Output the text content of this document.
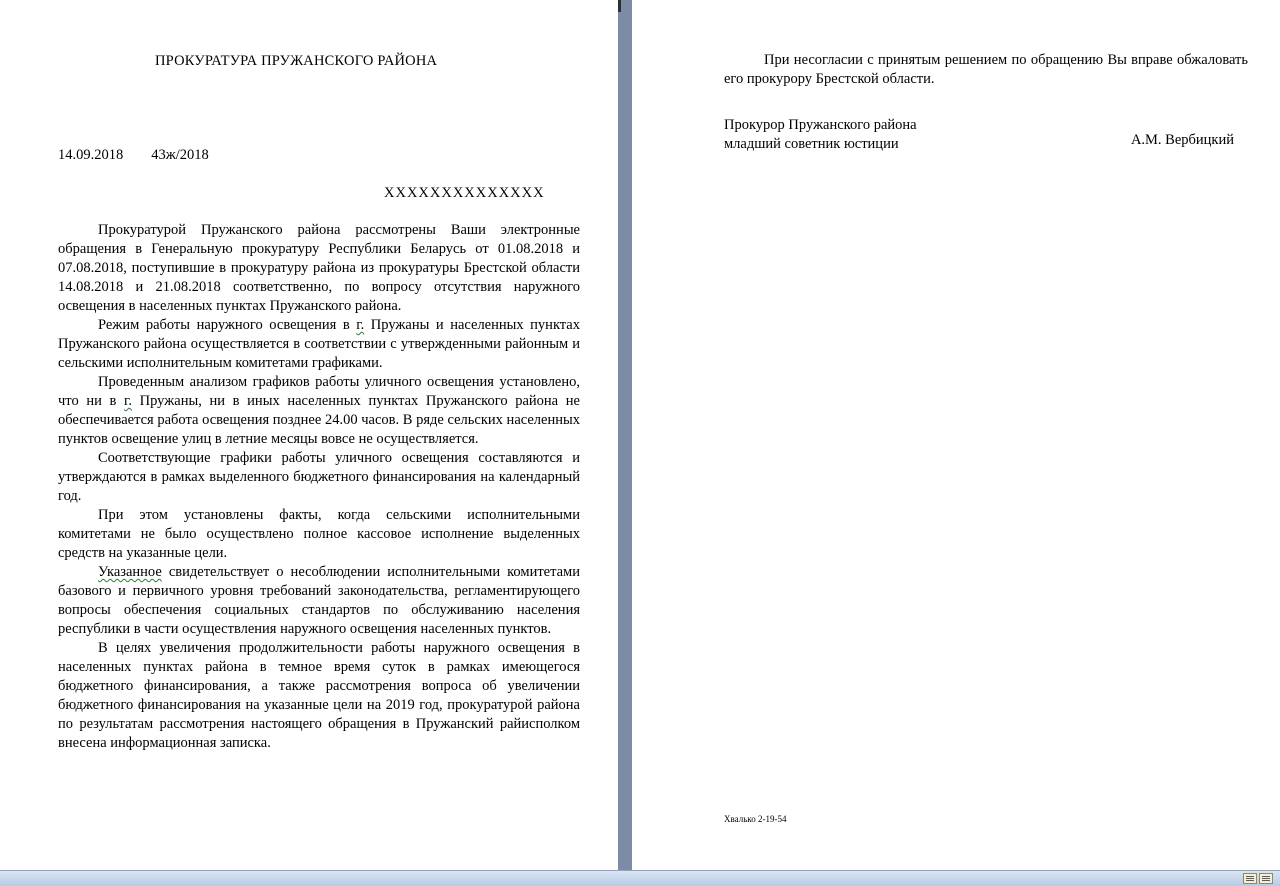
ПРОКУРАТУРА ПРУЖАНСКОГО РАЙОНА
14.09.2018 43ж/2018
ХХХХХХХХХХХХХХ

Прокуратурой Пружанского района рассмотрены Ваши электронные обращения в Генеральную прокуратуру Республики Беларусь от 01.08.2018 и 07.08.2018, поступившие в прокуратуру района из прокуратуры Брестской области 14.08.2018 и 21.08.2018 соответственно, по вопросу отсутствия наружного освещения в населенных пунктах Пружанского района.

Режим работы наружного освещения в г. Пружаны и населенных пунктах Пружанского района осуществляется в соответствии с утвержденными районным и сельскими исполнительным комитетами графиками.

Проведенным анализом графиков работы уличного освещения установлено, что ни в г. Пружаны, ни в иных населенных пунктах Пружанского района не обеспечивается работа освещения позднее 24.00 часов. В ряде сельских населенных пунктов освещение улиц в летние месяцы вовсе не осуществляется.

Соответствующие графики работы уличного освещения составляются и утверждаются в рамках выделенного бюджетного финансирования на календарный год.

При этом установлены факты, когда сельскими исполнительными комитетами не было осуществлено полное кассовое исполнение выделенных средств на указанные цели.

Указанное свидетельствует о несоблюдении исполнительными комитетами базового и первичного уровня требований законодательства, регламентирующего вопросы обеспечения социальных стандартов по обслуживанию населения республики в части осуществления наружного освещения населенных пунктов.

В целях увеличения продолжительности работы наружного освещения в населенных пунктах района в темное время суток в рамках имеющегося бюджетного финансирования, а также рассмотрения вопроса об увеличении бюджетного финансирования на указанные цели на 2019 год, прокуратурой района по результатам рассмотрения настоящего обращения в Пружанский райисполком внесена информационная записка.

При несогласии с принятым решением по обращению Вы вправе обжаловать его прокурору Брестской области.

Прокурор Пружанского района
младший советник юстиции	А.М. Вербицкий
Хвалько 2-19-54
